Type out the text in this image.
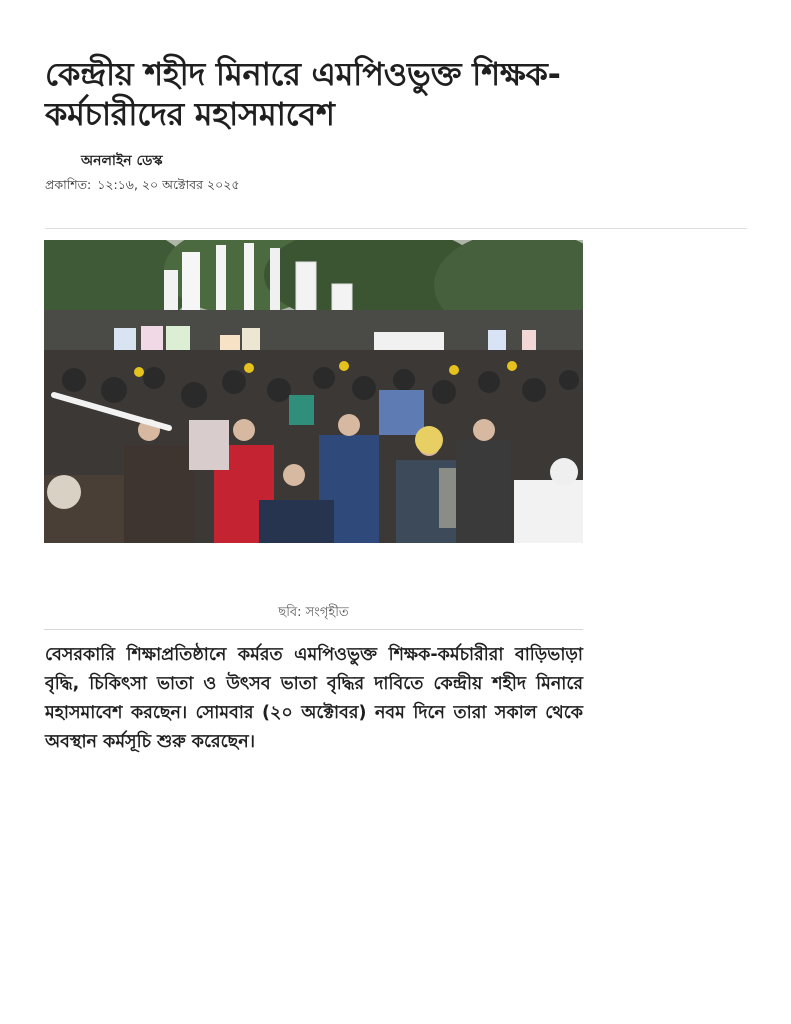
কেন্দ্রীয় শহীদ মিনারে এমপিওভুক্ত শিক্ষক-কর্মচারীদের মহাসমাবেশ
অনলাইন ডেস্ক
প্রকাশিত: ১২:১৬, ২০ অক্টোবর ২০২৫
ছবি: সংগৃহীত

বেসরকারি শিক্ষাপ্রতিষ্ঠানে কর্মরত এমপিওভুক্ত শিক্ষক-কর্মচারীরা বাড়িভাড়া বৃদ্ধি, চিকিৎসা ভাতা ও উৎসব ভাতা বৃদ্ধির দাবিতে কেন্দ্রীয় শহীদ মিনারে মহাসমাবেশ করছেন। সোমবার (২০ অক্টোবর) নবম দিনে তারা সকাল থেকে অবস্থান কর্মসূচি শুরু করেছেন।
